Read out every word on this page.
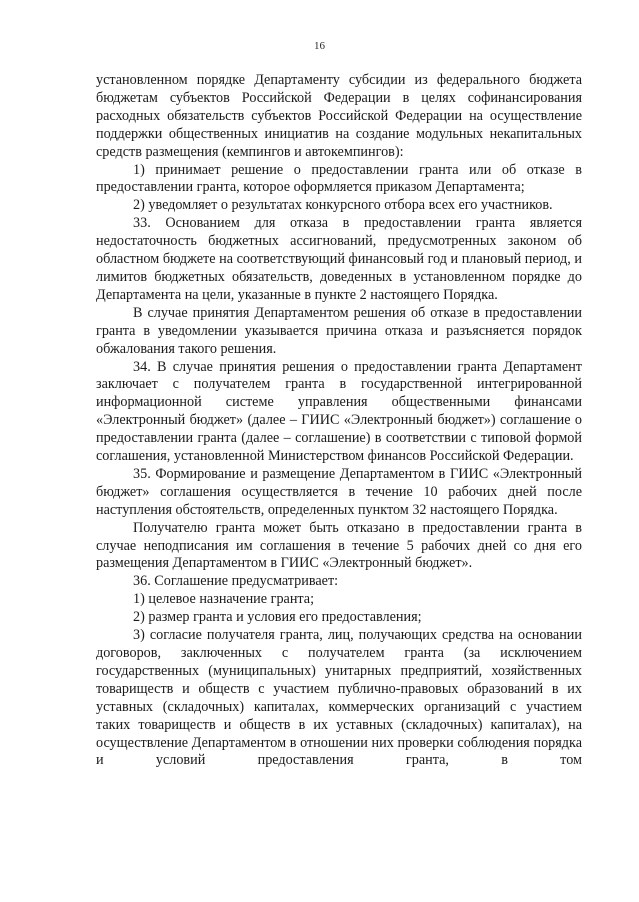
16

установленном порядке Департаменту субсидии из федерального бюджета бюджетам субъектов Российской Федерации в целях софинансирования расходных обязательств субъектов Российской Федерации на осуществление поддержки общественных инициатив на создание модульных некапитальных средств размещения (кемпингов и автокемпингов):

1) принимает решение о предоставлении гранта или об отказе в предоставлении гранта, которое оформляется приказом Департамента;

2) уведомляет о результатах конкурсного отбора всех его участников.

33. Основанием для отказа в предоставлении гранта является недостаточность бюджетных ассигнований, предусмотренных законом об областном бюджете на соответствующий финансовый год и плановый период, и лимитов бюджетных обязательств, доведенных в установленном порядке до Департамента на цели, указанные в пункте 2 настоящего Порядка.

В случае принятия Департаментом решения об отказе в предоставлении гранта в уведомлении указывается причина отказа и разъясняется порядок обжалования такого решения.

34. В случае принятия решения о предоставлении гранта Департамент заключает с получателем гранта в государственной интегрированной информационной системе управления общественными финансами «Электронный бюджет» (далее – ГИИС «Электронный бюджет») соглашение о предоставлении гранта (далее – соглашение) в соответствии с типовой формой соглашения, установленной Министерством финансов Российской Федерации.

35. Формирование и размещение Департаментом в ГИИС «Электронный бюджет» соглашения осуществляется в течение 10 рабочих дней после наступления обстоятельств, определенных пунктом 32 настоящего Порядка.

Получателю гранта может быть отказано в предоставлении гранта в случае неподписания им соглашения в течение 5 рабочих дней со дня его размещения Департаментом в ГИИС «Электронный бюджет».

36. Соглашение предусматривает:

1) целевое назначение гранта;

2) размер гранта и условия его предоставления;

3) согласие получателя гранта, лиц, получающих средства на основании договоров, заключенных с получателем гранта (за исключением государственных (муниципальных) унитарных предприятий, хозяйственных товариществ и обществ с участием публично-правовых образований в их уставных (складочных) капиталах, коммерческих организаций с участием таких товариществ и обществ в их уставных (складочных) капиталах), на осуществление Департаментом в отношении них проверки соблюдения порядка и условий предоставления гранта, в том
